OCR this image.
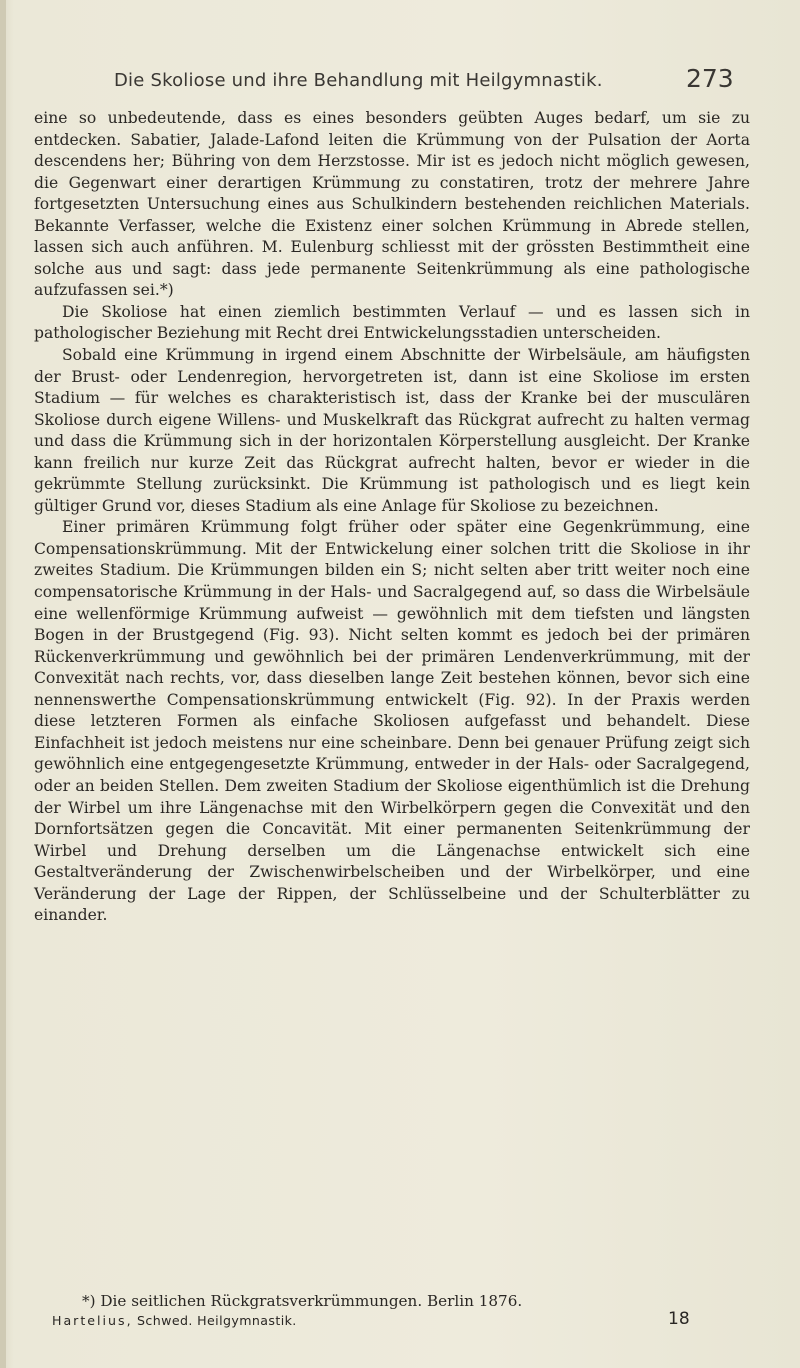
Die Skoliose und ihre Behandlung mit Heilgymnastik.	273

eine so unbedeutende, dass es eines besonders geübten Auges bedarf, um sie zu entdecken. Sabatier, Jalade-Lafond leiten die Krümmung von der Pulsation der Aorta descendens her; Bühring von dem Herzstosse. Mir ist es jedoch nicht möglich gewesen, die Gegenwart einer derartigen Krümmung zu constatiren, trotz der mehrere Jahre fortgesetzten Untersuchung eines aus Schulkindern bestehenden reichlichen Materials. Bekannte Verfasser, welche die Existenz einer solchen Krümmung in Abrede stellen, lassen sich auch anführen. M. Eulenburg schliesst mit der grössten Bestimmtheit eine solche aus und sagt: dass jede permanente Seitenkrümmung als eine pathologische aufzufassen sei.*)

Die Skoliose hat einen ziemlich bestimmten Verlauf — und es lassen sich in pathologischer Beziehung mit Recht drei Entwickelungsstadien unterscheiden.

Sobald eine Krümmung in irgend einem Abschnitte der Wirbelsäule, am häufigsten der Brust- oder Lendenregion, hervorgetreten ist, dann ist eine Skoliose im ersten Stadium — für welches es charakteristisch ist, dass der Kranke bei der musculären Skoliose durch eigene Willens- und Muskelkraft das Rückgrat aufrecht zu halten vermag und dass die Krümmung sich in der horizontalen Körperstellung ausgleicht. Der Kranke kann freilich nur kurze Zeit das Rückgrat aufrecht halten, bevor er wieder in die gekrümmte Stellung zurücksinkt. Die Krümmung ist pathologisch und es liegt kein gültiger Grund vor, dieses Stadium als eine Anlage für Skoliose zu bezeichnen.

Einer primären Krümmung folgt früher oder später eine Gegenkrümmung, eine Compensationskrümmung. Mit der Entwickelung einer solchen tritt die Skoliose in ihr zweites Stadium. Die Krümmungen bilden ein S; nicht selten aber tritt weiter noch eine compensatorische Krümmung in der Hals- und Sacralgegend auf, so dass die Wirbelsäule eine wellenförmige Krümmung aufweist — gewöhnlich mit dem tiefsten und längsten Bogen in der Brustgegend (Fig. 93). Nicht selten kommt es jedoch bei der primären Rückenverkrümmung und gewöhnlich bei der primären Lendenverkrümmung, mit der Convexität nach rechts, vor, dass dieselben lange Zeit bestehen können, bevor sich eine nennenswerthe Compensationskrümmung entwickelt (Fig. 92). In der Praxis werden diese letzteren Formen als einfache Skoliosen aufgefasst und behandelt. Diese Einfachheit ist jedoch meistens nur eine scheinbare. Denn bei genauer Prüfung zeigt sich gewöhnlich eine entgegengesetzte Krümmung, entweder in der Hals- oder Sacralgegend, oder an beiden Stellen. Dem zweiten Stadium der Skoliose eigenthümlich ist die Drehung der Wirbel um ihre Längenachse mit den Wirbelkörpern gegen die Convexität und den Dornfortsätzen gegen die Concavität. Mit einer permanenten Seitenkrümmung der Wirbel und Drehung derselben um die Längenachse entwickelt sich eine Gestaltveränderung der Zwischenwirbelscheiben und der Wirbelkörper, und eine Veränderung der Lage der Rippen, der Schlüsselbeine und der Schulterblätter zu einander.

*) Die seitlichen Rückgratsverkrümmungen. Berlin 1876.

Hartelius, Schwed. Heilgymnastik.	18
